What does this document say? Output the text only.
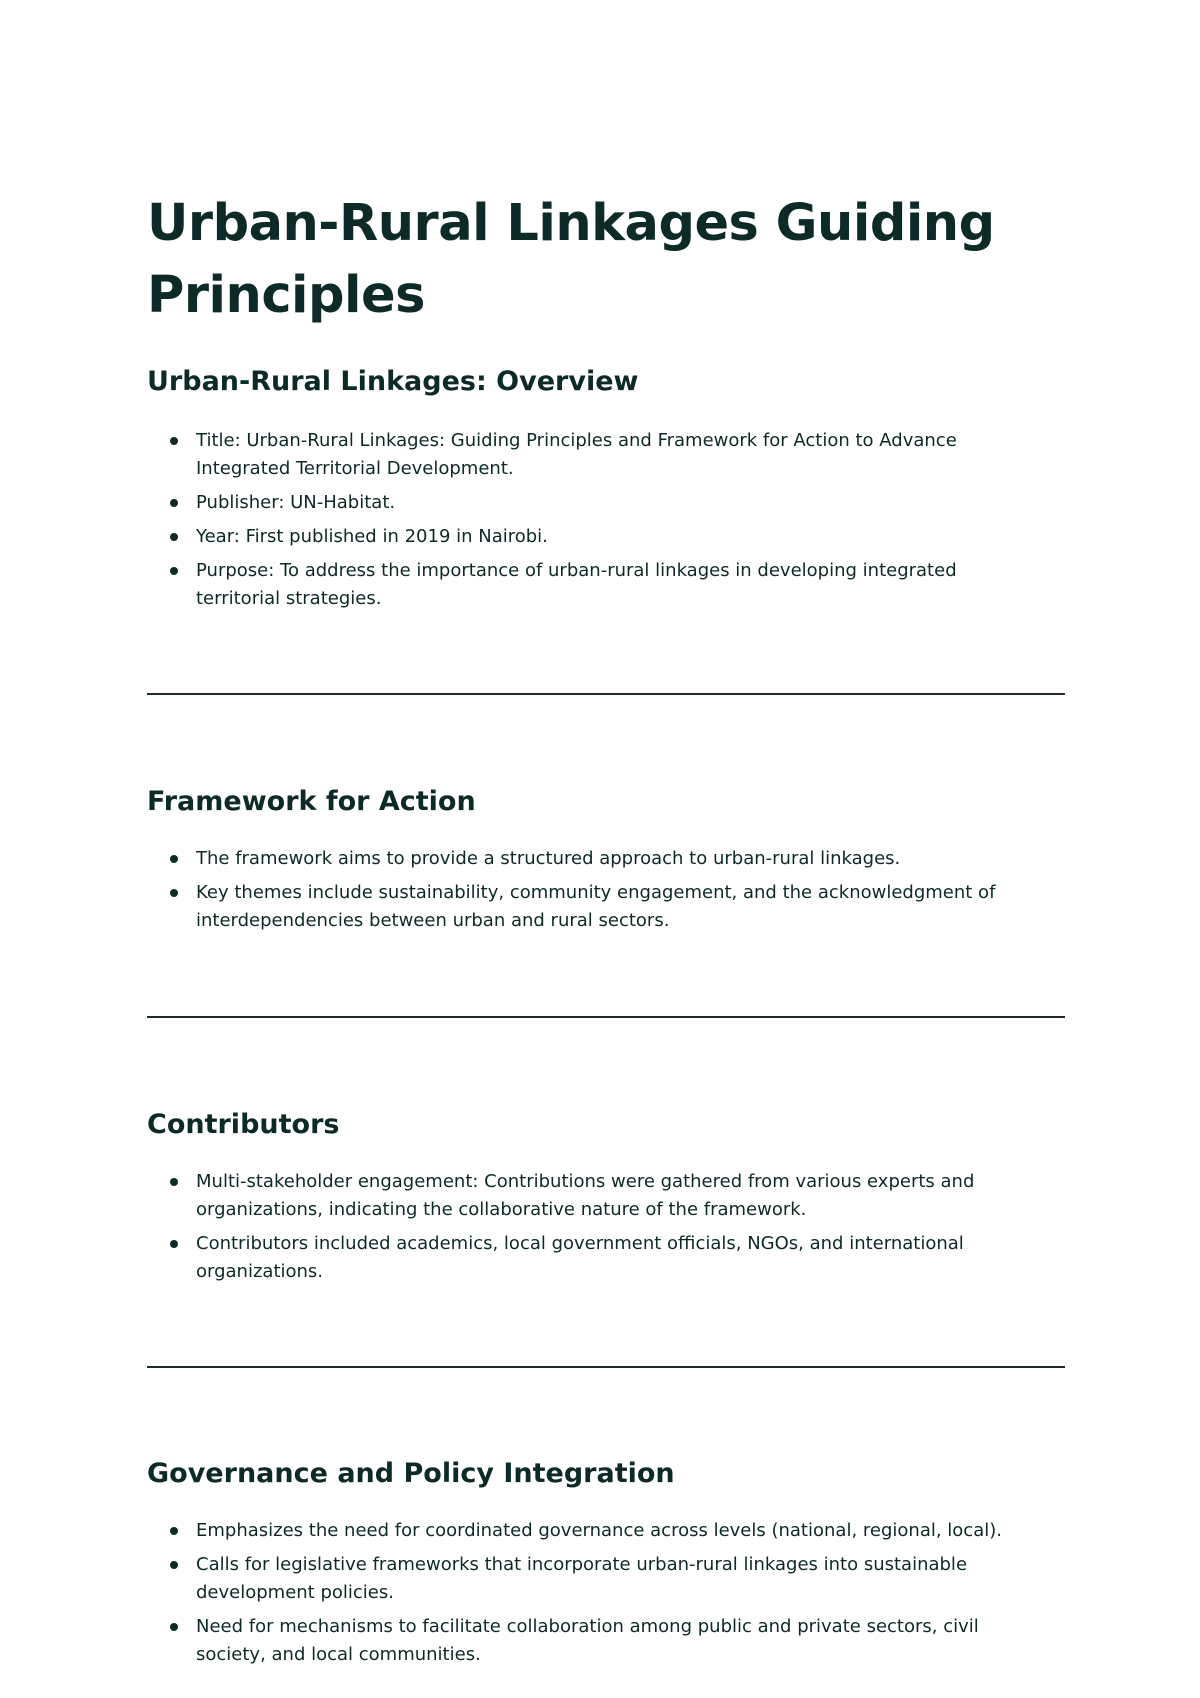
Urban-Rural Linkages Guiding Principles
Urban-Rural Linkages: Overview
Title: Urban-Rural Linkages: Guiding Principles and Framework for Action to Advance Integrated Territorial Development.
Publisher: UN-Habitat.
Year: First published in 2019 in Nairobi.
Purpose: To address the importance of urban-rural linkages in developing integrated territorial strategies.
Framework for Action
The framework aims to provide a structured approach to urban-rural linkages.
Key themes include sustainability, community engagement, and the acknowledgment of interdependencies between urban and rural sectors.
Contributors
Multi-stakeholder engagement: Contributions were gathered from various experts and organizations, indicating the collaborative nature of the framework.
Contributors included academics, local government officials, NGOs, and international organizations.
Governance and Policy Integration
Emphasizes the need for coordinated governance across levels (national, regional, local).
Calls for legislative frameworks that incorporate urban-rural linkages into sustainable development policies.
Need for mechanisms to facilitate collaboration among public and private sectors, civil society, and local communities.
